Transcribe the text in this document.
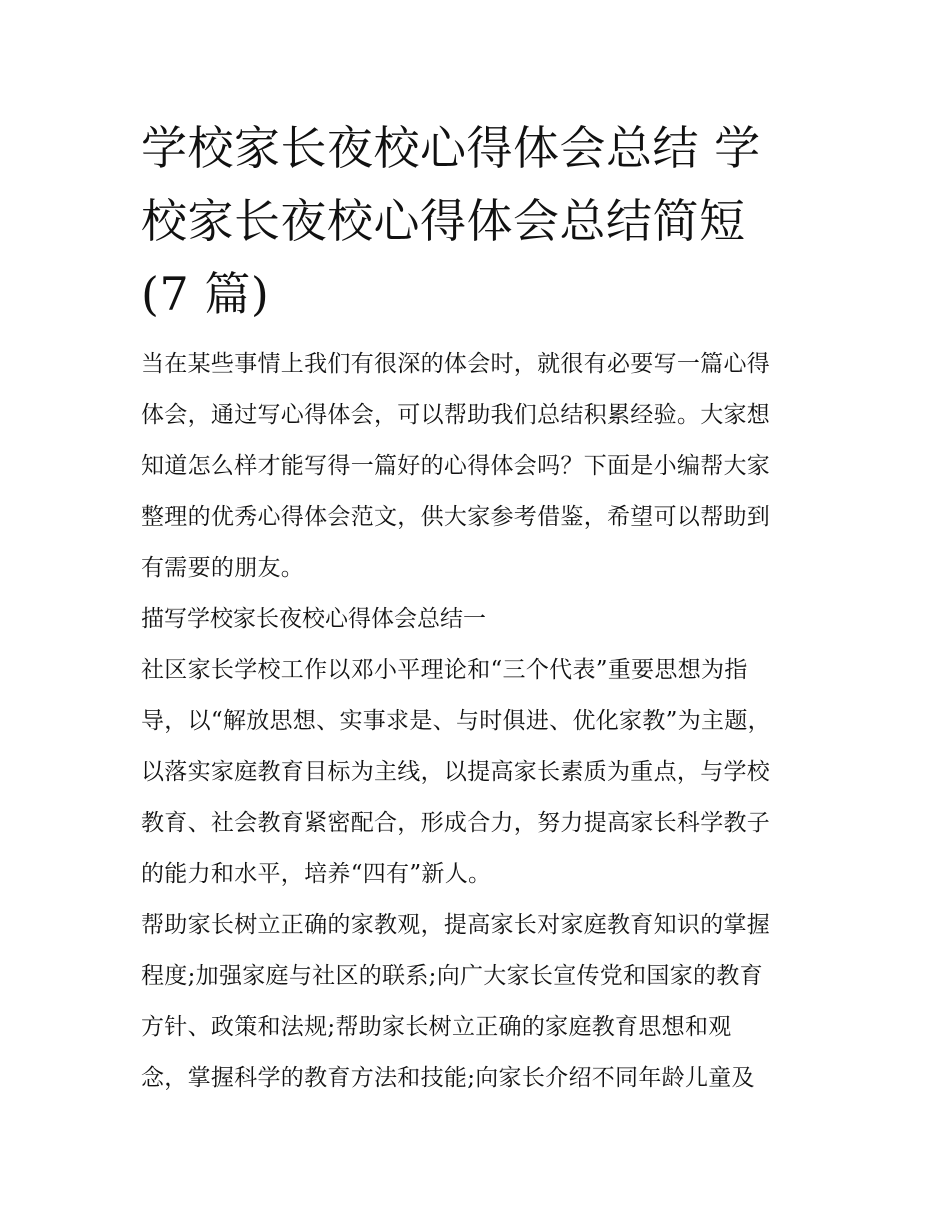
学校家长夜校心得体会总结 学
校家长夜校心得体会总结简短
(7 篇)
当在某些事情上我们有很深的体会时，就很有必要写一篇心得
体会，通过写心得体会，可以帮助我们总结积累经验。大家想
知道怎么样才能写得一篇好的心得体会吗？下面是小编帮大家
整理的优秀心得体会范文，供大家参考借鉴，希望可以帮助到
有需要的朋友。
描写学校家长夜校心得体会总结一
社区家长学校工作以邓小平理论和“三个代表”重要思想为指
导，以“解放思想、实事求是、与时俱进、优化家教”为主题，
以落实家庭教育目标为主线，以提高家长素质为重点，与学校
教育、社会教育紧密配合，形成合力，努力提高家长科学教子
的能力和水平，培养“四有”新人。
帮助家长树立正确的家教观，提高家长对家庭教育知识的掌握
程度;加强家庭与社区的联系;向广大家长宣传党和国家的教育
方针、政策和法规;帮助家长树立正确的家庭教育思想和观
念，掌握科学的教育方法和技能;向家长介绍不同年龄儿童及
